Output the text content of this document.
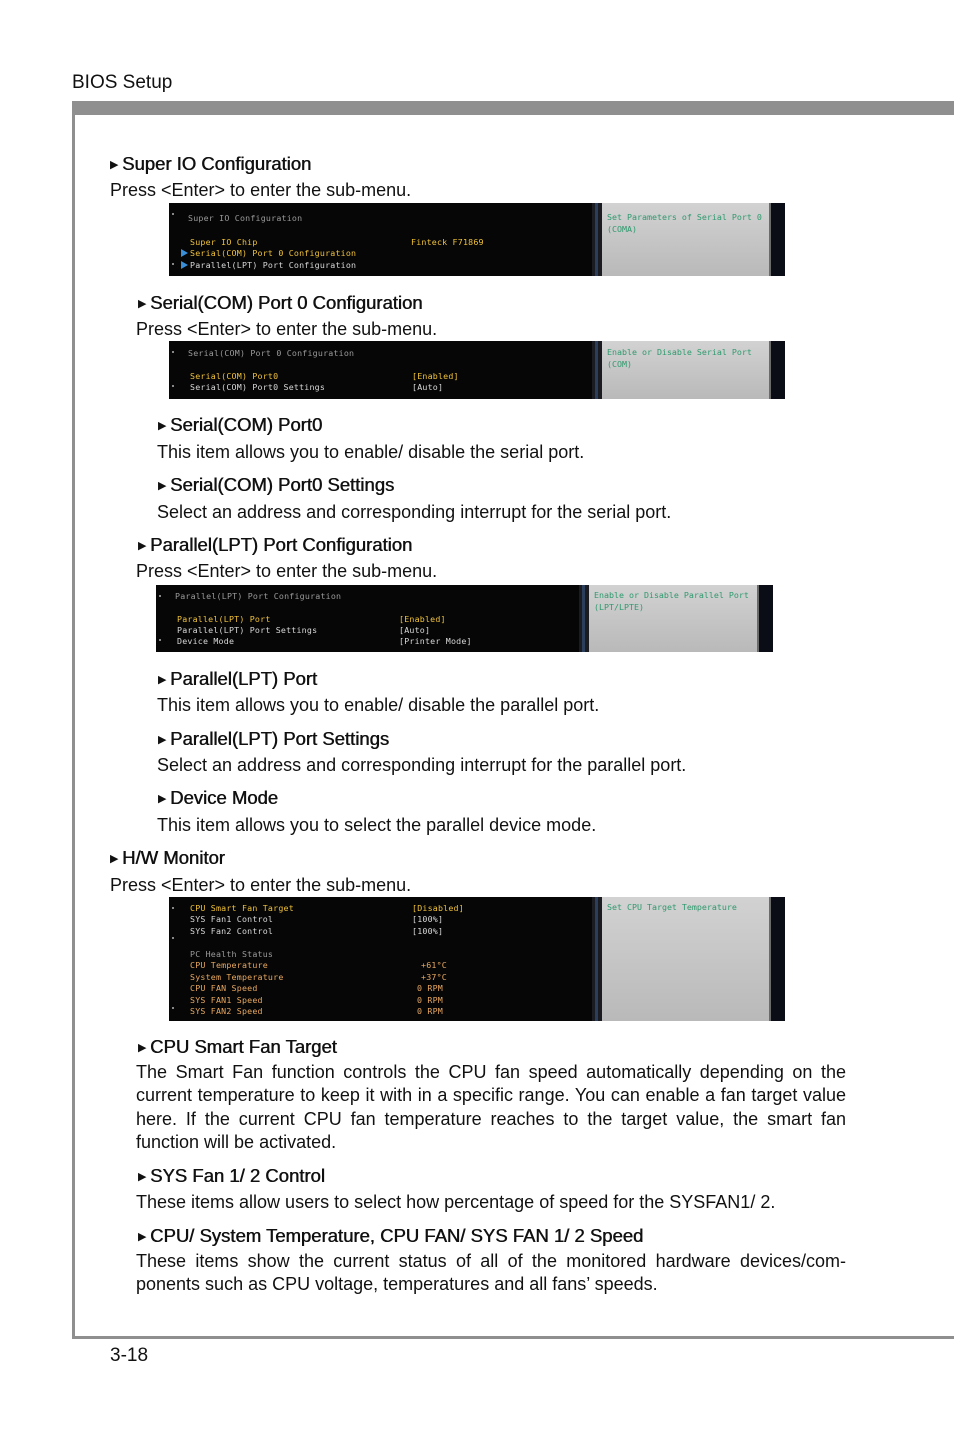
BIOS Setup
▶ Super IO Configuration
Press <Enter> to enter the sub-menu.
Super IO Configuration
Super IO Chip	Finteck F71869
Serial(COM) Port 0 Configuration
Parallel(LPT) Port Configuration
Set Parameters of Serial Port 0 (COMA)
▶ Serial(COM) Port 0 Configuration
Press <Enter> to enter the sub-menu.
Serial(COM) Port 0 Configuration
Serial(COM) Port0	[Enabled]
Serial(COM) Port0 Settings	[Auto]
Enable or Disable Serial Port (COM)
▶ Serial(COM) Port0
This item allows you to enable/ disable the serial port.
▶ Serial(COM) Port0 Settings
Select an address and corresponding interrupt for the serial port.
▶ Parallel(LPT) Port Configuration
Press <Enter> to enter the sub-menu.
Parallel(LPT) Port Configuration
Parallel(LPT) Port	[Enabled]
Parallel(LPT) Port Settings	[Auto]
Device Mode	[Printer Mode]
Enable or Disable Parallel Port (LPT/LPTE)
▶ Parallel(LPT) Port
This item allows you to enable/ disable the parallel port.
▶ Parallel(LPT) Port Settings
Select an address and corresponding interrupt for the parallel port.
▶ Device Mode
This item allows you to select the parallel device mode.
▶ H/W Monitor
Press <Enter> to enter the sub-menu.
CPU Smart Fan Target	[Disabled]
SYS Fan1 Control	[100%]
SYS Fan2 Control	[100%]
PC Health Status
CPU Temperature	+61°C
System Temperature	+37°C
CPU FAN Speed	0 RPM
SYS FAN1 Speed	0 RPM
SYS FAN2 Speed	0 RPM
Set CPU Target Temperature
▶ CPU Smart Fan Target
The Smart Fan function controls the CPU fan speed automatically depending on the current temperature to keep it with in a specific range. You can enable a fan target value here. If the current CPU fan temperature reaches to the target value, the smart fan function will be activated.
▶ SYS Fan 1/ 2 Control
These items allow users to select how percentage of speed for the SYSFAN1/ 2.
▶ CPU/ System Temperature, CPU FAN/ SYS FAN 1/ 2 Speed
These items show the current status of all of the monitored hardware devices/com-ponents such as CPU voltage, temperatures and all fans’ speeds.
3-18
